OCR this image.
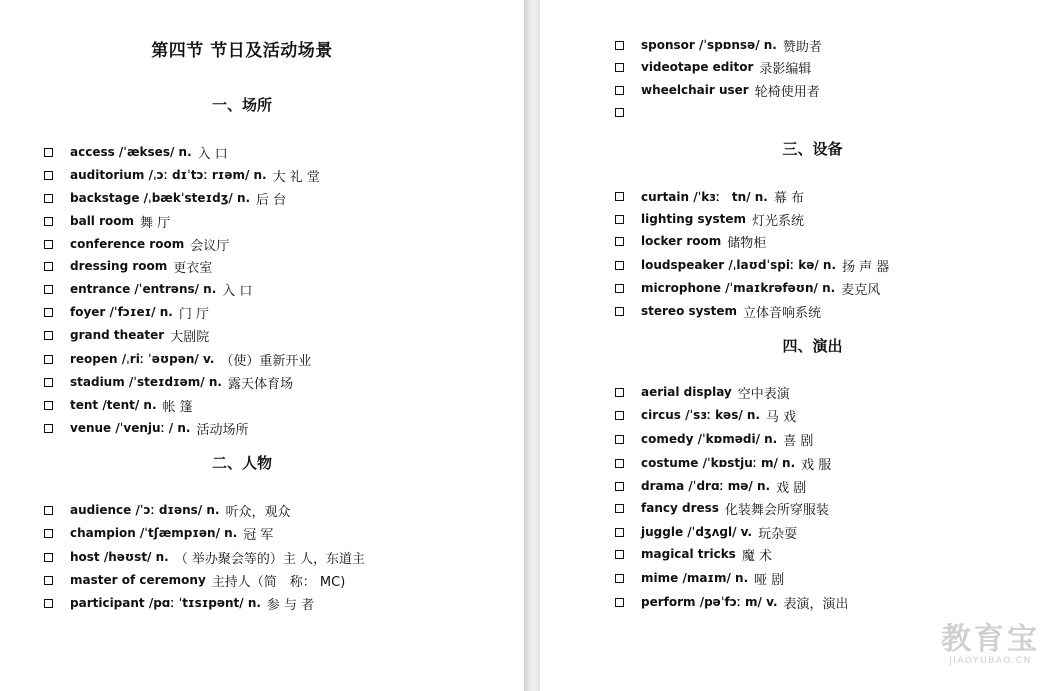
第四节 节日及活动场景
一、场所
access /ˈækses/ n. 入 口
auditorium /ˌɔː dɪˈtɔː rɪəm/ n. 大 礼 堂
backstage /ˌbækˈsteɪdʒ/ n. 后 台
ball room 舞 厅
conference room 会议厅
dressing room 更衣室
entrance /ˈentrəns/ n. 入 口
foyer /ˈfɔɪeɪ/ n. 门 厅
grand theater 大剧院
reopen /ˌriː ˈəʊpən/ v. （使）重新开业
stadium /ˈsteɪdɪəm/ n. 露天体育场
tent /tent/ n. 帐 篷
venue /ˈvenjuː / n. 活动场所
二、人物
audience /ˈɔː dɪəns/ n. 听众，观众
champion /ˈtʃæmpɪən/ n. 冠 军
host /həʊst/ n. （ 举办聚会等的）主 人，东道主
master of ceremony 主持人（简　称： MC)
participant /pɑː ˈtɪsɪpənt/ n. 参 与 者
sponsor /ˈspɒnsə/ n. 赞助者
videotape editor 录影编辑
wheelchair user 轮椅使用者
三、设备
curtain /ˈkɜː　tn/ n. 幕 布
lighting system 灯光系统
locker room 储物柜
loudspeaker /ˌlaʊdˈspiː kə/ n. 扬 声 器
microphone /ˈmaɪkrəfəʊn/ n. 麦克风
stereo system 立体音响系统
四、演出
aerial display 空中表演
circus /ˈsɜː kəs/ n. 马 戏
comedy /ˈkɒmədi/ n. 喜 剧
costume /ˈkɒstjuː m/ n. 戏 服
drama /ˈdrɑː mə/ n. 戏 剧
fancy dress 化装舞会所穿服装
juggle /ˈdʒʌɡl/ v. 玩杂耍
magical tricks 魔 术
mime /maɪm/ n. 哑 剧
perform /pəˈfɔː m/ v. 表演，演出
教育宝
JIAOYUBAO.CN
